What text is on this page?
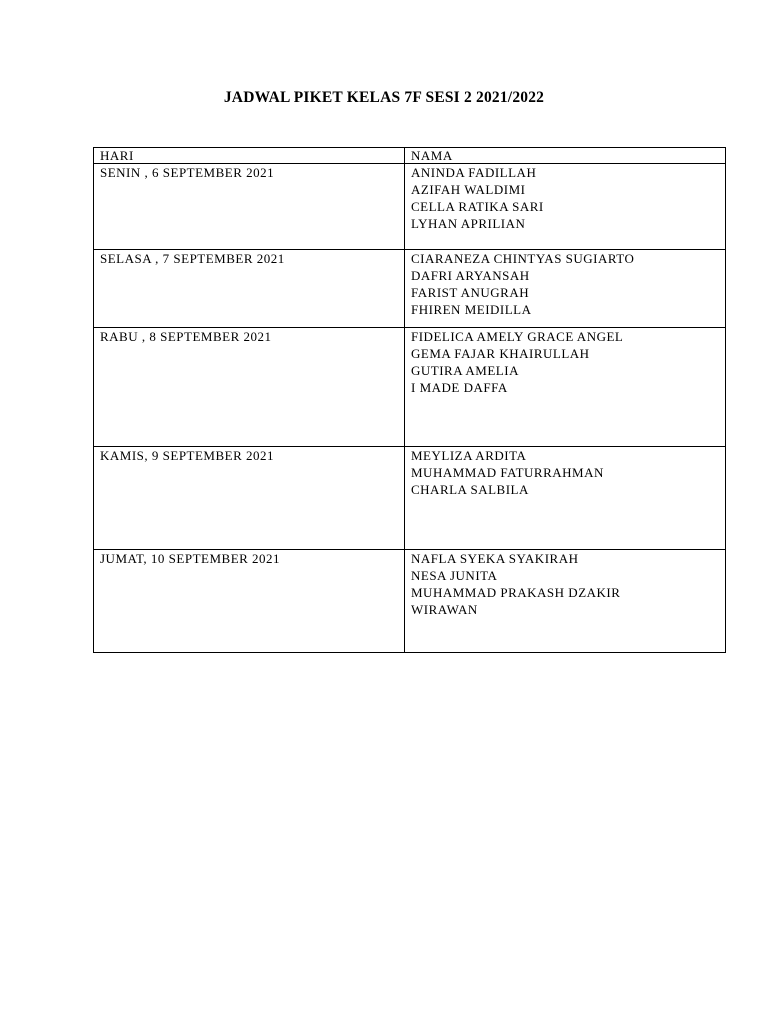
JADWAL PIKET KELAS 7F SESI 2 2021/2022
HARI	NAMA
SENIN , 6 SEPTEMBER 2021	ANINDA FADILLAH
AZIFAH WALDIMI
CELLA RATIKA SARI
LYHAN APRILIAN

SELASA , 7 SEPTEMBER 2021	CIARANEZA CHINTYAS SUGIARTO
DAFRI ARYANSAH
FARIST ANUGRAH
FHIREN MEIDILLA

RABU , 8 SEPTEMBER 2021	FIDELICA AMELY GRACE ANGEL
GEMA FAJAR KHAIRULLAH
GUTIRA AMELIA
I MADE DAFFA

KAMIS, 9 SEPTEMBER 2021	MEYLIZA ARDITA
MUHAMMAD FATURRAHMAN
CHARLA SALBILA

JUMAT, 10 SEPTEMBER 2021	NAFLA SYEKA SYAKIRAH
NESA JUNITA
MUHAMMAD PRAKASH DZAKIR
WIRAWAN
